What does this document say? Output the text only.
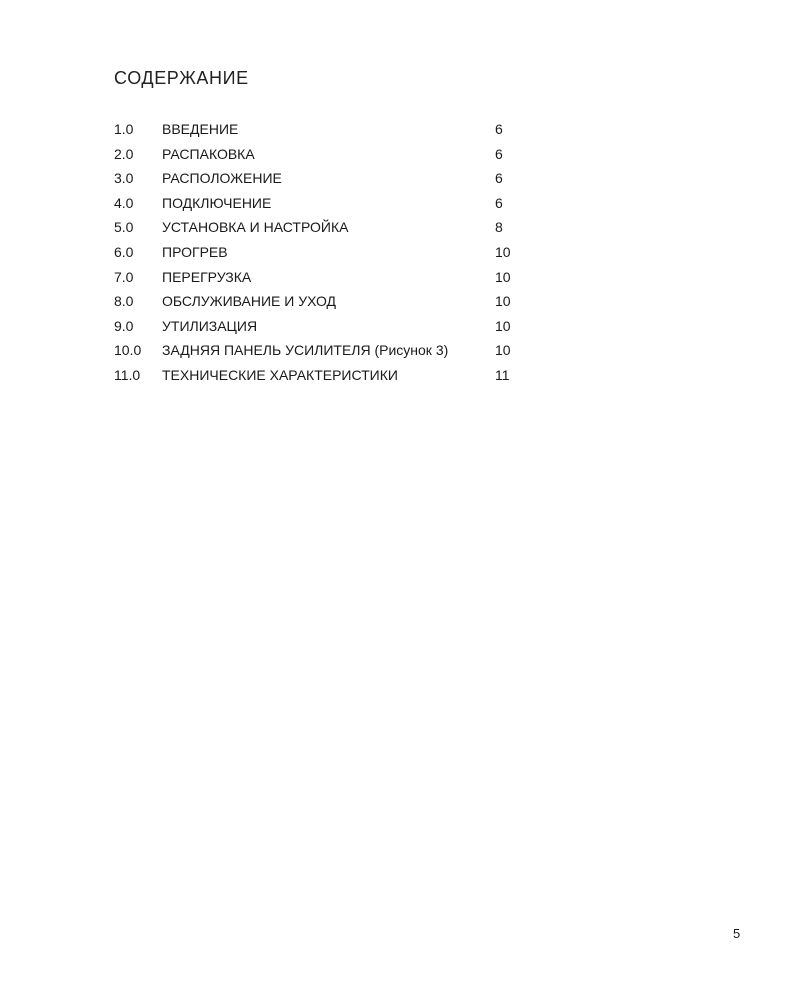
СОДЕРЖАНИЕ
1.0 ВВЕДЕНИЕ	6
2.0 РАСПАКОВКА	6
3.0 РАСПОЛОЖЕНИЕ	6
4.0 ПОДКЛЮЧЕНИЕ	6
5.0 УСТАНОВКА И НАСТРОЙКА	8
6.0 ПРОГРЕВ	10
7.0 ПЕРЕГРУЗКА	10
8.0 ОБСЛУЖИВАНИЕ И УХОД	10
9.0 УТИЛИЗАЦИЯ	10
10.0 ЗАДНЯЯ ПАНЕЛЬ УСИЛИТЕЛЯ (Рисунок 3)	10
11.0 ТЕХНИЧЕСКИЕ ХАРАКТЕРИСТИКИ	11
5
